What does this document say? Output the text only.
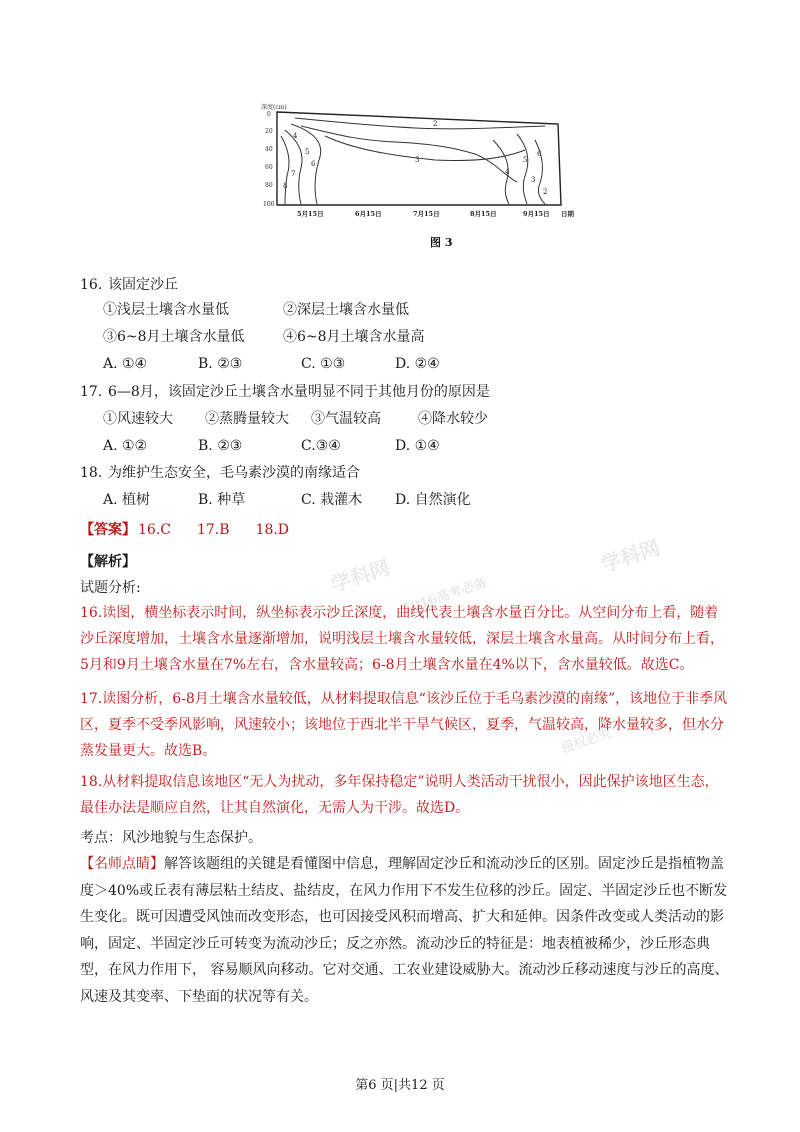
深度(cm)
0
20
40
60
80
100
5月15日	6月15日	7月15日	8月15日	9月15日 日期
2
3
4
5
6
7
8
2
3
4
5
6
图 3
16. 该固定沙丘
①浅层土壤含水量低	②深层土壤含水量低
③6~8月土壤含水量低	④6~8月土壤含水量高
A. ①④	B. ②③	C. ①③	D. ②④
17. 6—8月，该固定沙丘土壤含水量明显不同于其他月份的原因是
①风速较大 ②蒸腾量较大 ③气温较高	④降水较少
A. ①②	B. ②③	C.③④	D. ①④
18. 为维护生态安全，毛乌素沙漠的南缘适合
A. 植树	B. 种草	C. 栽灌木 D. 自然演化
【答案】 16.C 17.B 18.D
学科网 2016高考必备
学科网
侵权必究
【解析】
试题分析:
16.读图，横坐标表示时间，纵坐标表示沙丘深度，曲线代表土壤含水量百分比。从空间分布上看，随着沙丘深度增加，土壤含水量逐渐增加，说明浅层土壤含水量较低，深层土壤含水量高。从时间分布上看，5月和9月土壤含水量在7%左右，含水量较高；6-8月土壤含水量在4%以下，含水量较低。故选C。
17.读图分析，6-8月土壤含水量较低，从材料提取信息“该沙丘位于毛乌素沙漠的南缘”，该地位于非季风区，夏季不受季风影响，风速较小；该地位于西北半干旱气候区，夏季，气温较高，降水量较多，但水分蒸发量更大。故选B。
18.从材料提取信息该地区“无人为扰动，多年保持稳定”说明人类活动干扰很小，因此保护该地区生态，最佳办法是顺应自然，让其自然演化，无需人为干涉。故选D。
考点：风沙地貌与生态保护。
【名师点睛】解答该题组的关键是看懂图中信息，理解固定沙丘和流动沙丘的区别。固定沙丘是指植物盖度＞40%或丘表有薄层粘土结皮、盐结皮，在风力作用下不发生位移的沙丘。固定、半固定沙丘也不断发生变化。既可因遭受风蚀而改变形态，也可因接受风积而增高、扩大和延伸。因条件改变或人类活动的影响，固定、半固定沙丘可转变为流动沙丘；反之亦然。流动沙丘的特征是：地表植被稀少，沙丘形态典型，在风力作用下， 容易顺风向移动。它对交通、工农业建设威胁大。流动沙丘移动速度与沙丘的高度、风速及其变率、下垫面的状况等有关。
第6 页|共12 页
